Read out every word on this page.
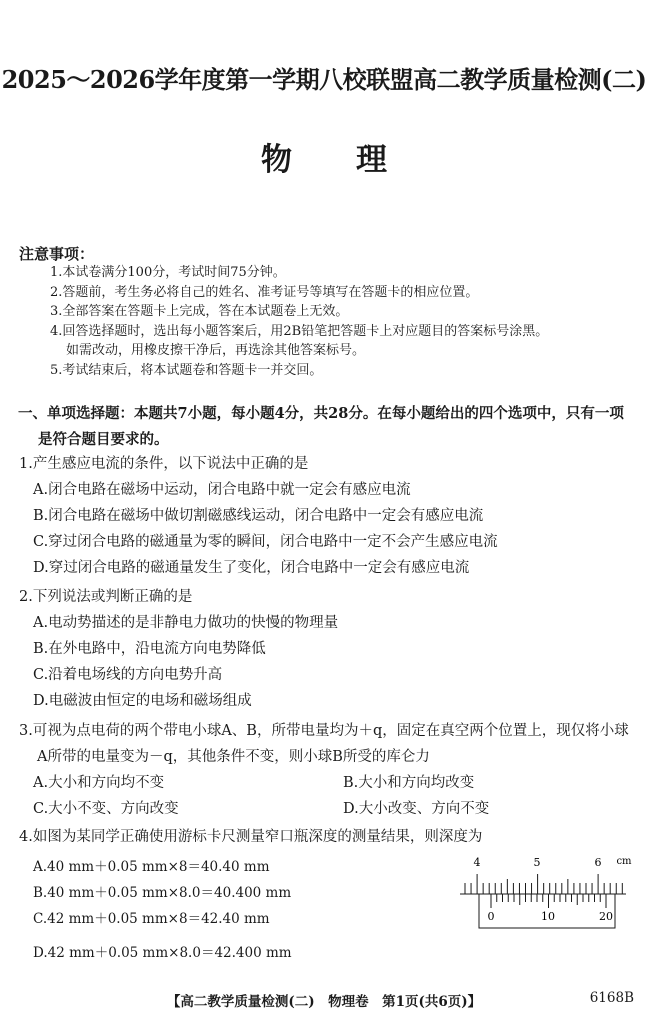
2025～2026学年度第一学期八校联盟高二教学质量检测(二)
物理
注意事项：
1.本试卷满分100分，考试时间75分钟。
2.答题前，考生务必将自己的姓名、准考证号等填写在答题卡的相应位置。
3.全部答案在答题卡上完成，答在本试题卷上无效。
4.回答选择题时，选出每小题答案后，用2B铅笔把答题卡上对应题目的答案标号涂黑。
如需改动，用橡皮擦干净后，再选涂其他答案标号。
5.考试结束后，将本试题卷和答题卡一并交回。
一、单项选择题：本题共7小题，每小题4分，共28分。在每小题给出的四个选项中，只有一项
是符合题目要求的。
1.产生感应电流的条件，以下说法中正确的是
A.闭合电路在磁场中运动，闭合电路中就一定会有感应电流
B.闭合电路在磁场中做切割磁感线运动，闭合电路中一定会有感应电流
C.穿过闭合电路的磁通量为零的瞬间，闭合电路中一定不会产生感应电流
D.穿过闭合电路的磁通量发生了变化，闭合电路中一定会有感应电流
2.下列说法或判断正确的是
A.电动势描述的是非静电力做功的快慢的物理量
B.在外电路中，沿电流方向电势降低
C.沿着电场线的方向电势升高
D.电磁波由恒定的电场和磁场组成
3.可视为点电荷的两个带电小球A、B，所带电量均为＋q，固定在真空两个位置上，现仅将小球
A所带的电量变为－q，其他条件不变，则小球B所受的库仑力
A.大小和方向均不变	B.大小和方向均改变
C.大小不变、方向改变	D.大小改变、方向不变
4.如图为某同学正确使用游标卡尺测量窄口瓶深度的测量结果，则深度为
A.40 mm＋0.05 mm×8＝40.40 mm
B.40 mm＋0.05 mm×8.0＝40.400 mm
C.42 mm＋0.05 mm×8＝42.40 mm
D.42 mm＋0.05 mm×8.0＝42.400 mm
4	5	6 cm
0	10	20
【高二教学质量检测(二)　物理卷　第1页(共6页)】	6168B
